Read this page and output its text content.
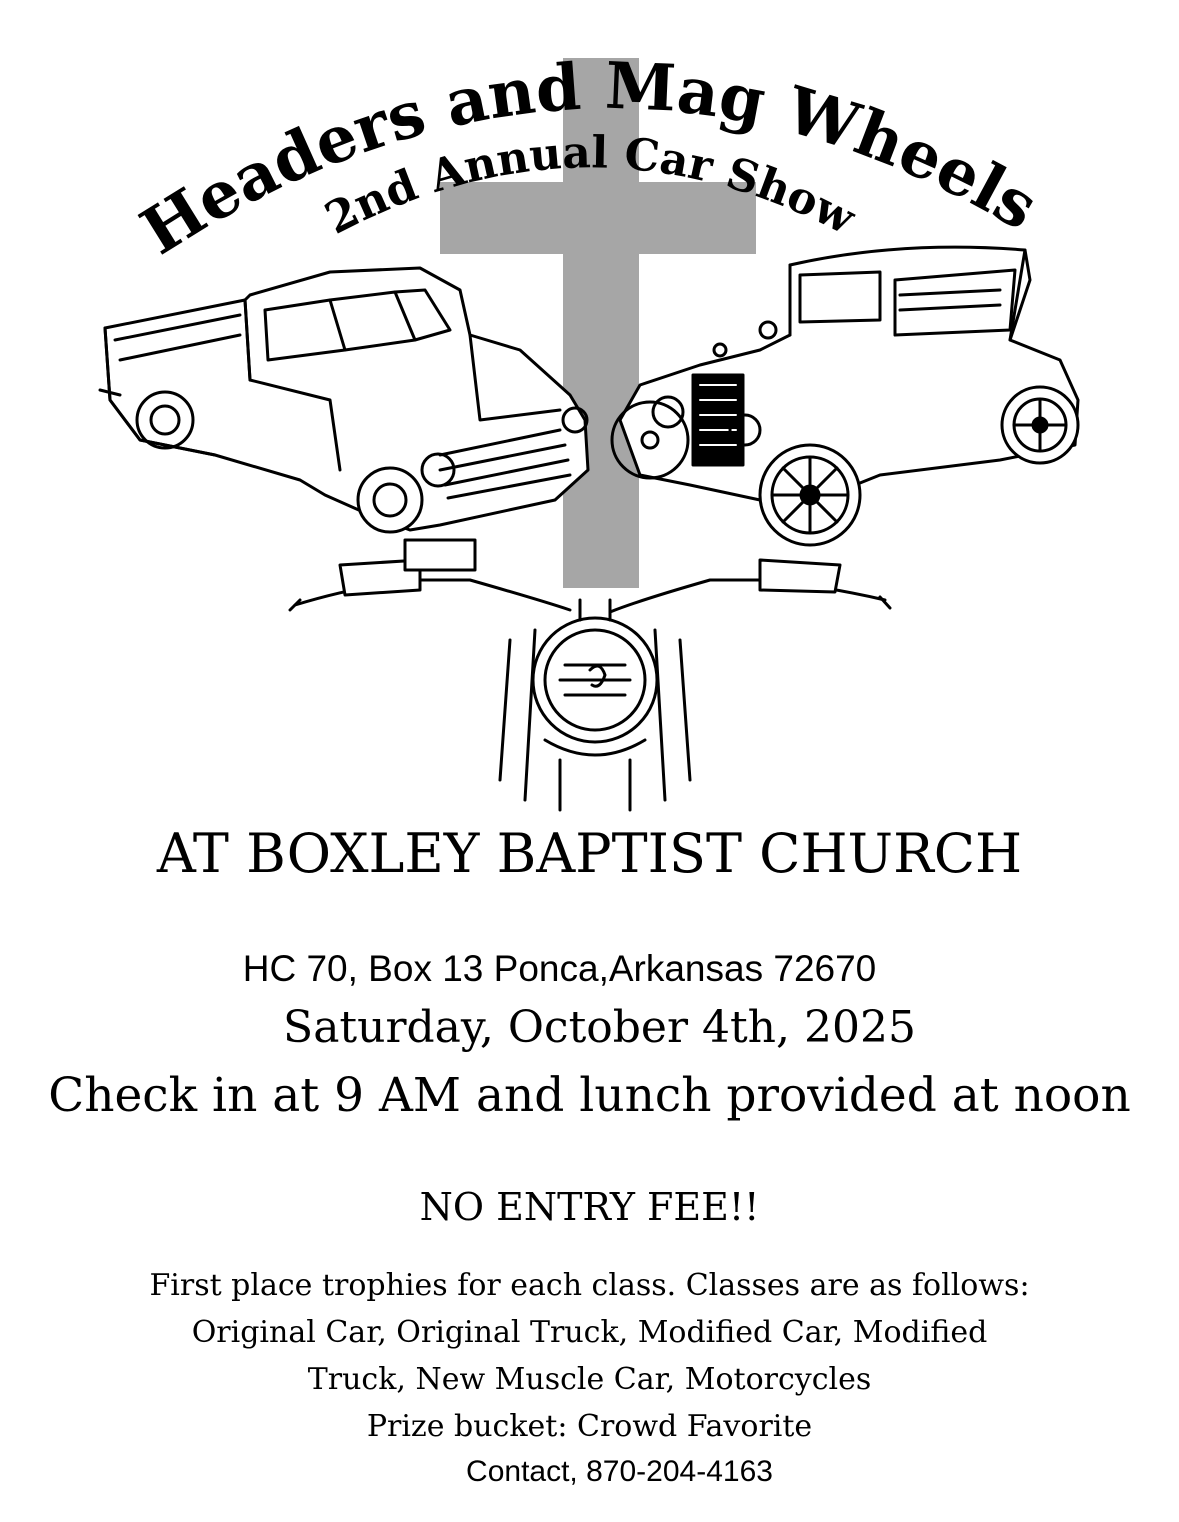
Headers and Mag Wheels
2nd Annual Car Show
AT BOXLEY BAPTIST CHURCH
HC 70, Box 13 Ponca,Arkansas 72670
Saturday, October 4th, 2025
Check in at 9 AM and lunch provided at noon
NO ENTRY FEE!!
First place trophies for each class. Classes are as follows:
Original Car, Original Truck, Modified Car, Modified
Truck, New Muscle Car, Motorcycles
Prize bucket: Crowd Favorite
Contact, 870-204-4163
